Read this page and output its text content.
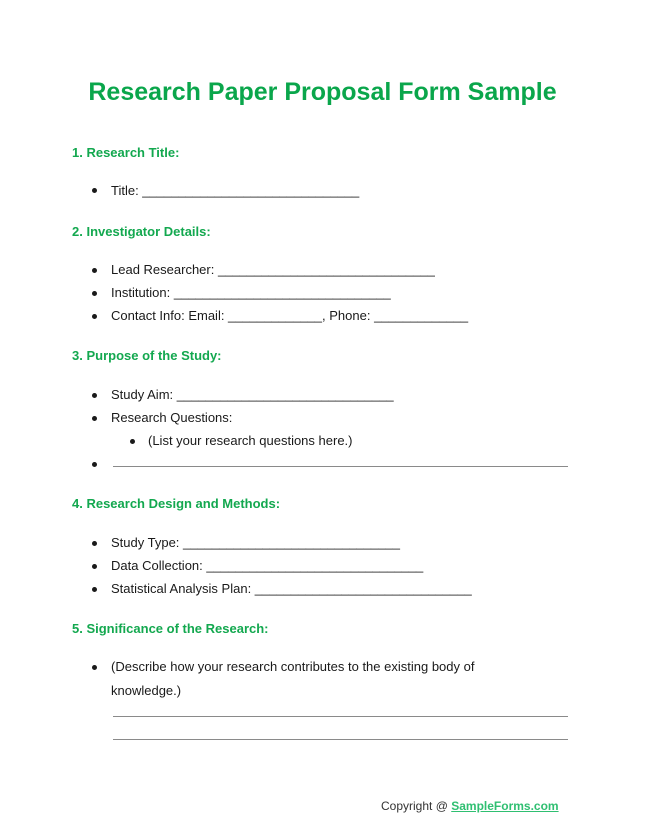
Research Paper Proposal Form Sample
1. Research Title:
Title: ______________________________
2. Investigator Details:
Lead Researcher: ______________________________
Institution: ______________________________
Contact Info: Email: _____________, Phone: _____________
3. Purpose of the Study:
Study Aim: ______________________________
Research Questions:
(List your research questions here.)
4. Research Design and Methods:
Study Type: ______________________________
Data Collection: ______________________________
Statistical Analysis Plan: ______________________________
5. Significance of the Research:
(Describe how your research contributes to the existing body of
knowledge.)
Copyright @ SampleForms.com
